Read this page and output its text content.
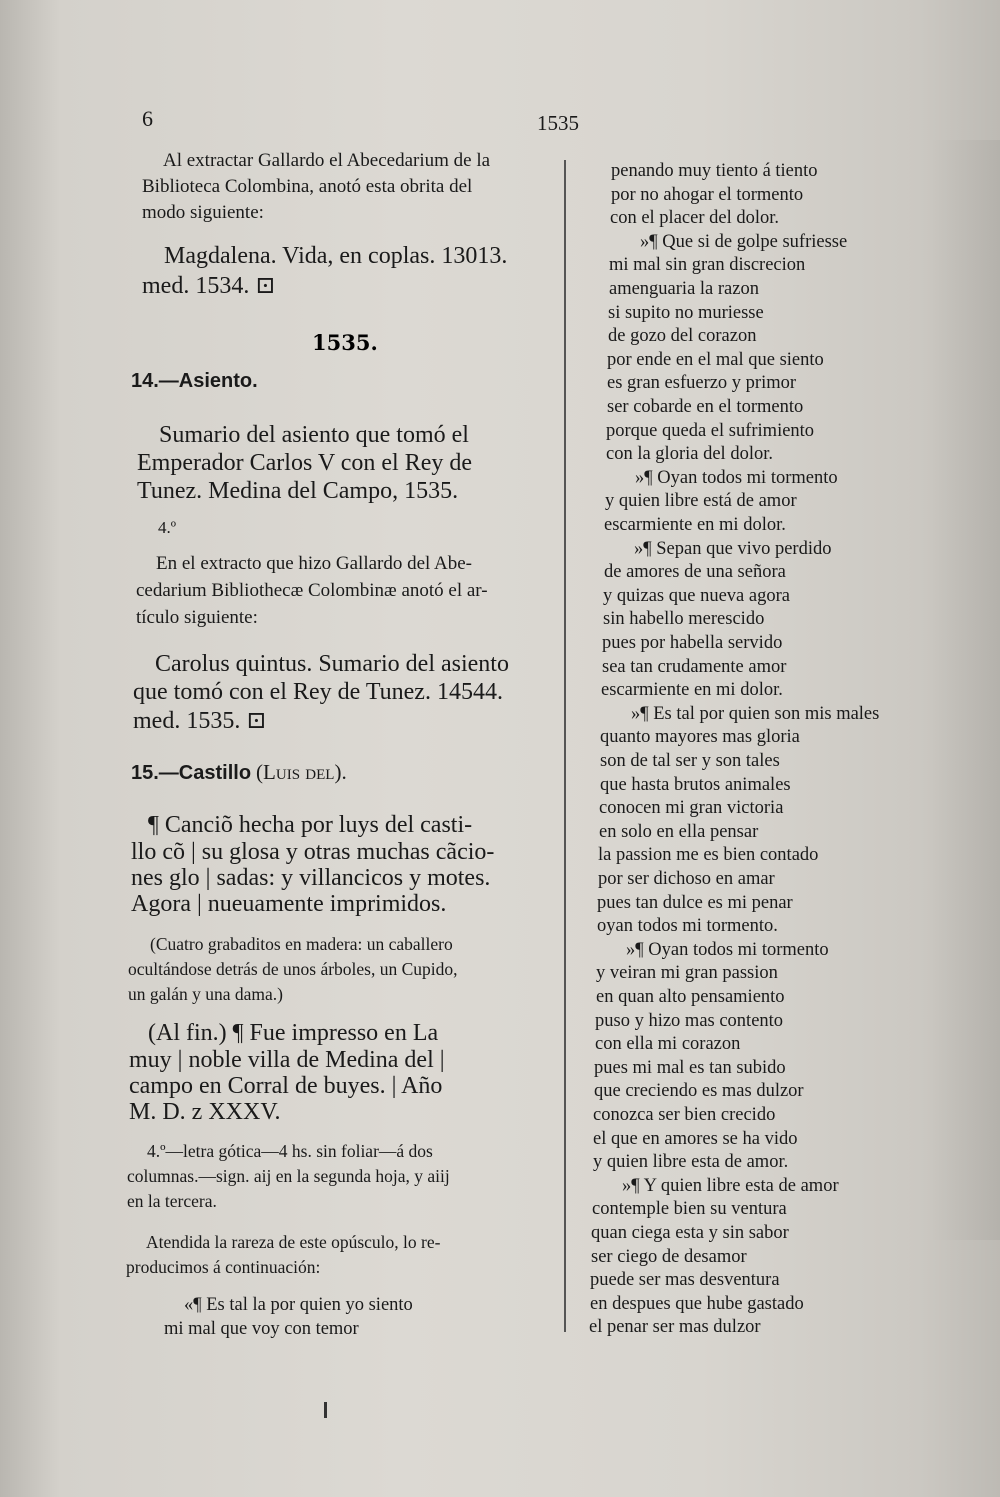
6	1535
Al extractar Gallardo el Abecedarium de la
Biblioteca Colombina, anotó esta obrita del
modo siguiente:
Magdalena. Vida, en coplas. 13013.
med. 1534. ⊡
1535.
14.—Asiento.
Sumario del asiento que tomó el
Emperador Carlos V con el Rey de
Tunez. Medina del Campo, 1535.
4.º
En el extracto que hizo Gallardo del Abe-
cedarium Bibliothecæ Colombinæ anotó el ar-
tículo siguiente:
Carolus quintus. Sumario del asiento
que tomó con el Rey de Tunez. 14544.
med. 1535. ⊡
15.—Castillo (Luis del).
¶ Canciõ hecha por luys del casti-
llo cõ | su glosa y otras muchas cãcio-
nes glo | sadas: y villancicos y motes.
Agora | nueuamente imprimidos.
(Cuatro grabaditos en madera: un caballero
ocultándose detrás de unos árboles, un Cupido,
un galán y una dama.)
(Al fin.) ¶ Fue impresso en La
muy | noble villa de Medina del |
campo en Corral de buyes. | Año
M. D. z XXXV.
4.º—letra gótica—4 hs. sin foliar—á dos
columnas.—sign. aij en la segunda hoja, y aiij
en la tercera.
Atendida la rareza de este opúsculo, lo re-
producimos á continuación:
«¶ Es tal la por quien yo siento
mi mal que voy con temor
penando muy tiento á tiento
por no ahogar el tormento
con el placer del dolor.
»¶ Que si de golpe sufriesse
mi mal sin gran discrecion
amenguaria la razon
si supito no muriesse
de gozo del corazon
por ende en el mal que siento
es gran esfuerzo y primor
ser cobarde en el tormento
porque queda el sufrimiento
con la gloria del dolor.
»¶ Oyan todos mi tormento
y quien libre está de amor
escarmiente en mi dolor.
»¶ Sepan que vivo perdido
de amores de una señora
y quizas que nueva agora
sin habello merescido
pues por habella servido
sea tan crudamente amor
escarmiente en mi dolor.
»¶ Es tal por quien son mis males
quanto mayores mas gloria
son de tal ser y son tales
que hasta brutos animales
conocen mi gran victoria
en solo en ella pensar
la passion me es bien contado
por ser dichoso en amar
pues tan dulce es mi penar
oyan todos mi tormento.
»¶ Oyan todos mi tormento
y veiran mi gran passion
en quan alto pensamiento
puso y hizo mas contento
con ella mi corazon
pues mi mal es tan subido
que creciendo es mas dulzor
conozca ser bien crecido
el que en amores se ha vido
y quien libre esta de amor.
»¶ Y quien libre esta de amor
contemple bien su ventura
quan ciega esta y sin sabor
ser ciego de desamor
puede ser mas desventura
en despues que hube gastado
el penar ser mas dulzor
